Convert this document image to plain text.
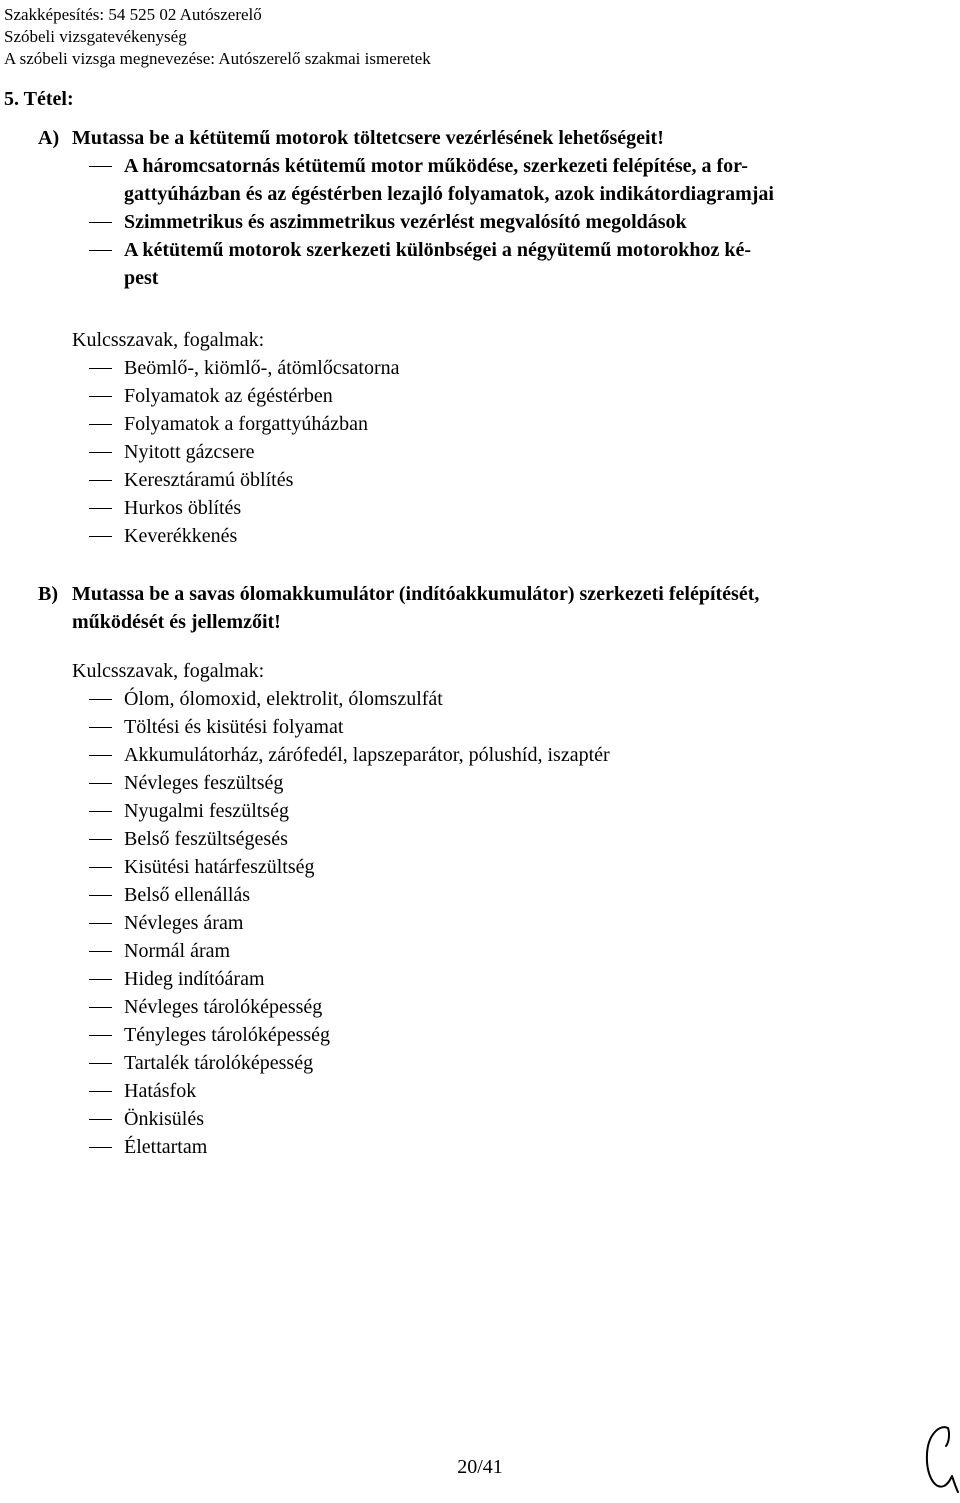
Szakképesítés: 54 525 02 Autószerelő
Szóbeli vizsgatevékenység
A szóbeli vizsga megnevezése: Autószerelő szakmai ismeretek
5. Tétel:
A) Mutassa be a kétütemű motorok töltetcsere vezérlésének lehetőségeit!
A háromcsatornás kétütemű motor működése, szerkezeti felépítése, a for-
gattyúházban és az égéstérben lezajló folyamatok, azok indikátordiagramjai
Szimmetrikus és aszimmetrikus vezérlést megvalósító megoldások
A kétütemű motorok szerkezeti különbségei a négyütemű motorokhoz ké-
pest
Kulcsszavak, fogalmak:
Beömlő-, kiömlő-, átömlőcsatorna
Folyamatok az égéstérben
Folyamatok a forgattyúházban
Nyitott gázcsere
Keresztáramú öblítés
Hurkos öblítés
Keverékkenés
B) Mutassa be a savas ólomakkumulátor (indítóakkumulátor) szerkezeti felépítését,
működését és jellemzőit!
Kulcsszavak, fogalmak:
Ólom, ólomoxid, elektrolit, ólomszulfát
Töltési és kisütési folyamat
Akkumulátorház, zárófedél, lapszeparátor, pólushíd, iszaptér
Névleges feszültség
Nyugalmi feszültség
Belső feszültségesés
Kisütési határfeszültség
Belső ellenállás
Névleges áram
Normál áram
Hideg indítóáram
Névleges tárolóképesség
Tényleges tárolóképesség
Tartalék tárolóképesség
Hatásfok
Önkisülés
Élettartam
20/41
